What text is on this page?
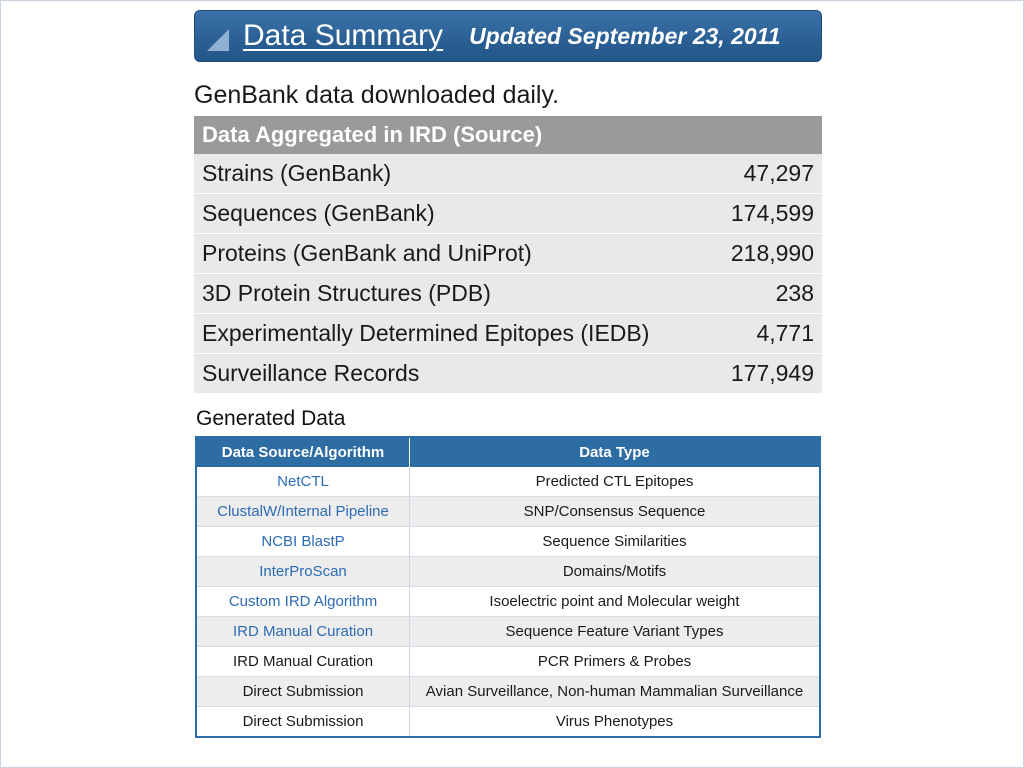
Data Summary Updated September 23, 2011
GenBank data downloaded daily.
Data Aggregated in IRD (Source)	
Strains (GenBank)	47,297
Sequences (GenBank)	174,599
Proteins (GenBank and UniProt)	218,990
3D Protein Structures (PDB)	238
Experimentally Determined Epitopes (IEDB)	4,771
Surveillance Records	177,949
Generated Data
Data Source/Algorithm	Data Type
NetCTL	Predicted CTL Epitopes
ClustalW/Internal Pipeline	SNP/Consensus Sequence
NCBI BlastP	Sequence Similarities
InterProScan	Domains/Motifs
Custom IRD Algorithm	Isoelectric point and Molecular weight
IRD Manual Curation	Sequence Feature Variant Types
IRD Manual Curation	PCR Primers & Probes
Direct Submission	Avian Surveillance, Non-human Mammalian Surveillance
Direct Submission	Virus Phenotypes
